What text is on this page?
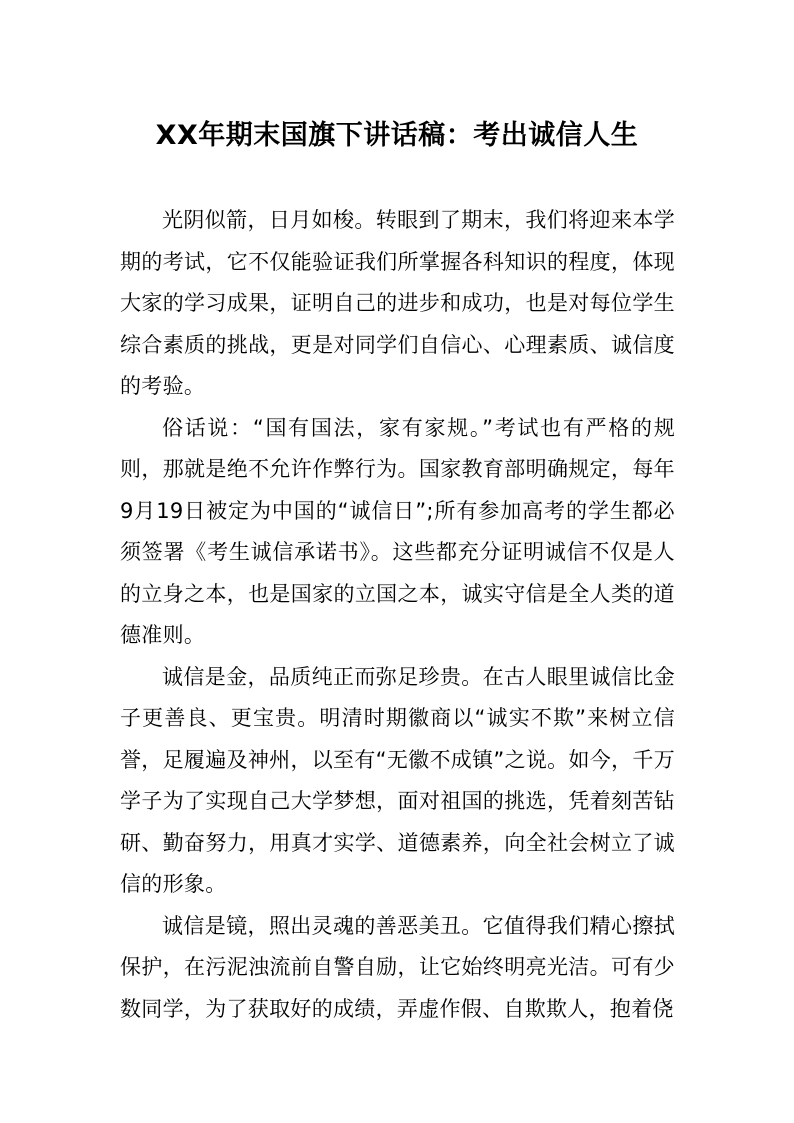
XX年期末国旗下讲话稿：考出诚信人生

光阴似箭，日月如梭。转眼到了期末，我们将迎来本学期的考试，它不仅能验证我们所掌握各科知识的程度，体现大家的学习成果，证明自己的进步和成功，也是对每位学生综合素质的挑战，更是对同学们自信心、心理素质、诚信度的考验。

俗话说：“国有国法，家有家规。”考试也有严格的规则，那就是绝不允许作弊行为。国家教育部明确规定，每年9月19日被定为中国的“诚信日”;所有参加高考的学生都必须签署《考生诚信承诺书》。这些都充分证明诚信不仅是人的立身之本，也是国家的立国之本，诚实守信是全人类的道德准则。

诚信是金，品质纯正而弥足珍贵。在古人眼里诚信比金子更善良、更宝贵。明清时期徽商以“诚实不欺”来树立信誉，足履遍及神州，以至有“无徽不成镇”之说。如今，千万学子为了实现自己大学梦想，面对祖国的挑选，凭着刻苦钻研、勤奋努力，用真才实学、道德素养，向全社会树立了诚信的形象。

诚信是镜，照出灵魂的善恶美丑。它值得我们精心擦拭保护，在污泥浊流前自警自励，让它始终明亮光洁。可有少数同学，为了获取好的成绩，弄虚作假、自欺欺人，抱着侥
